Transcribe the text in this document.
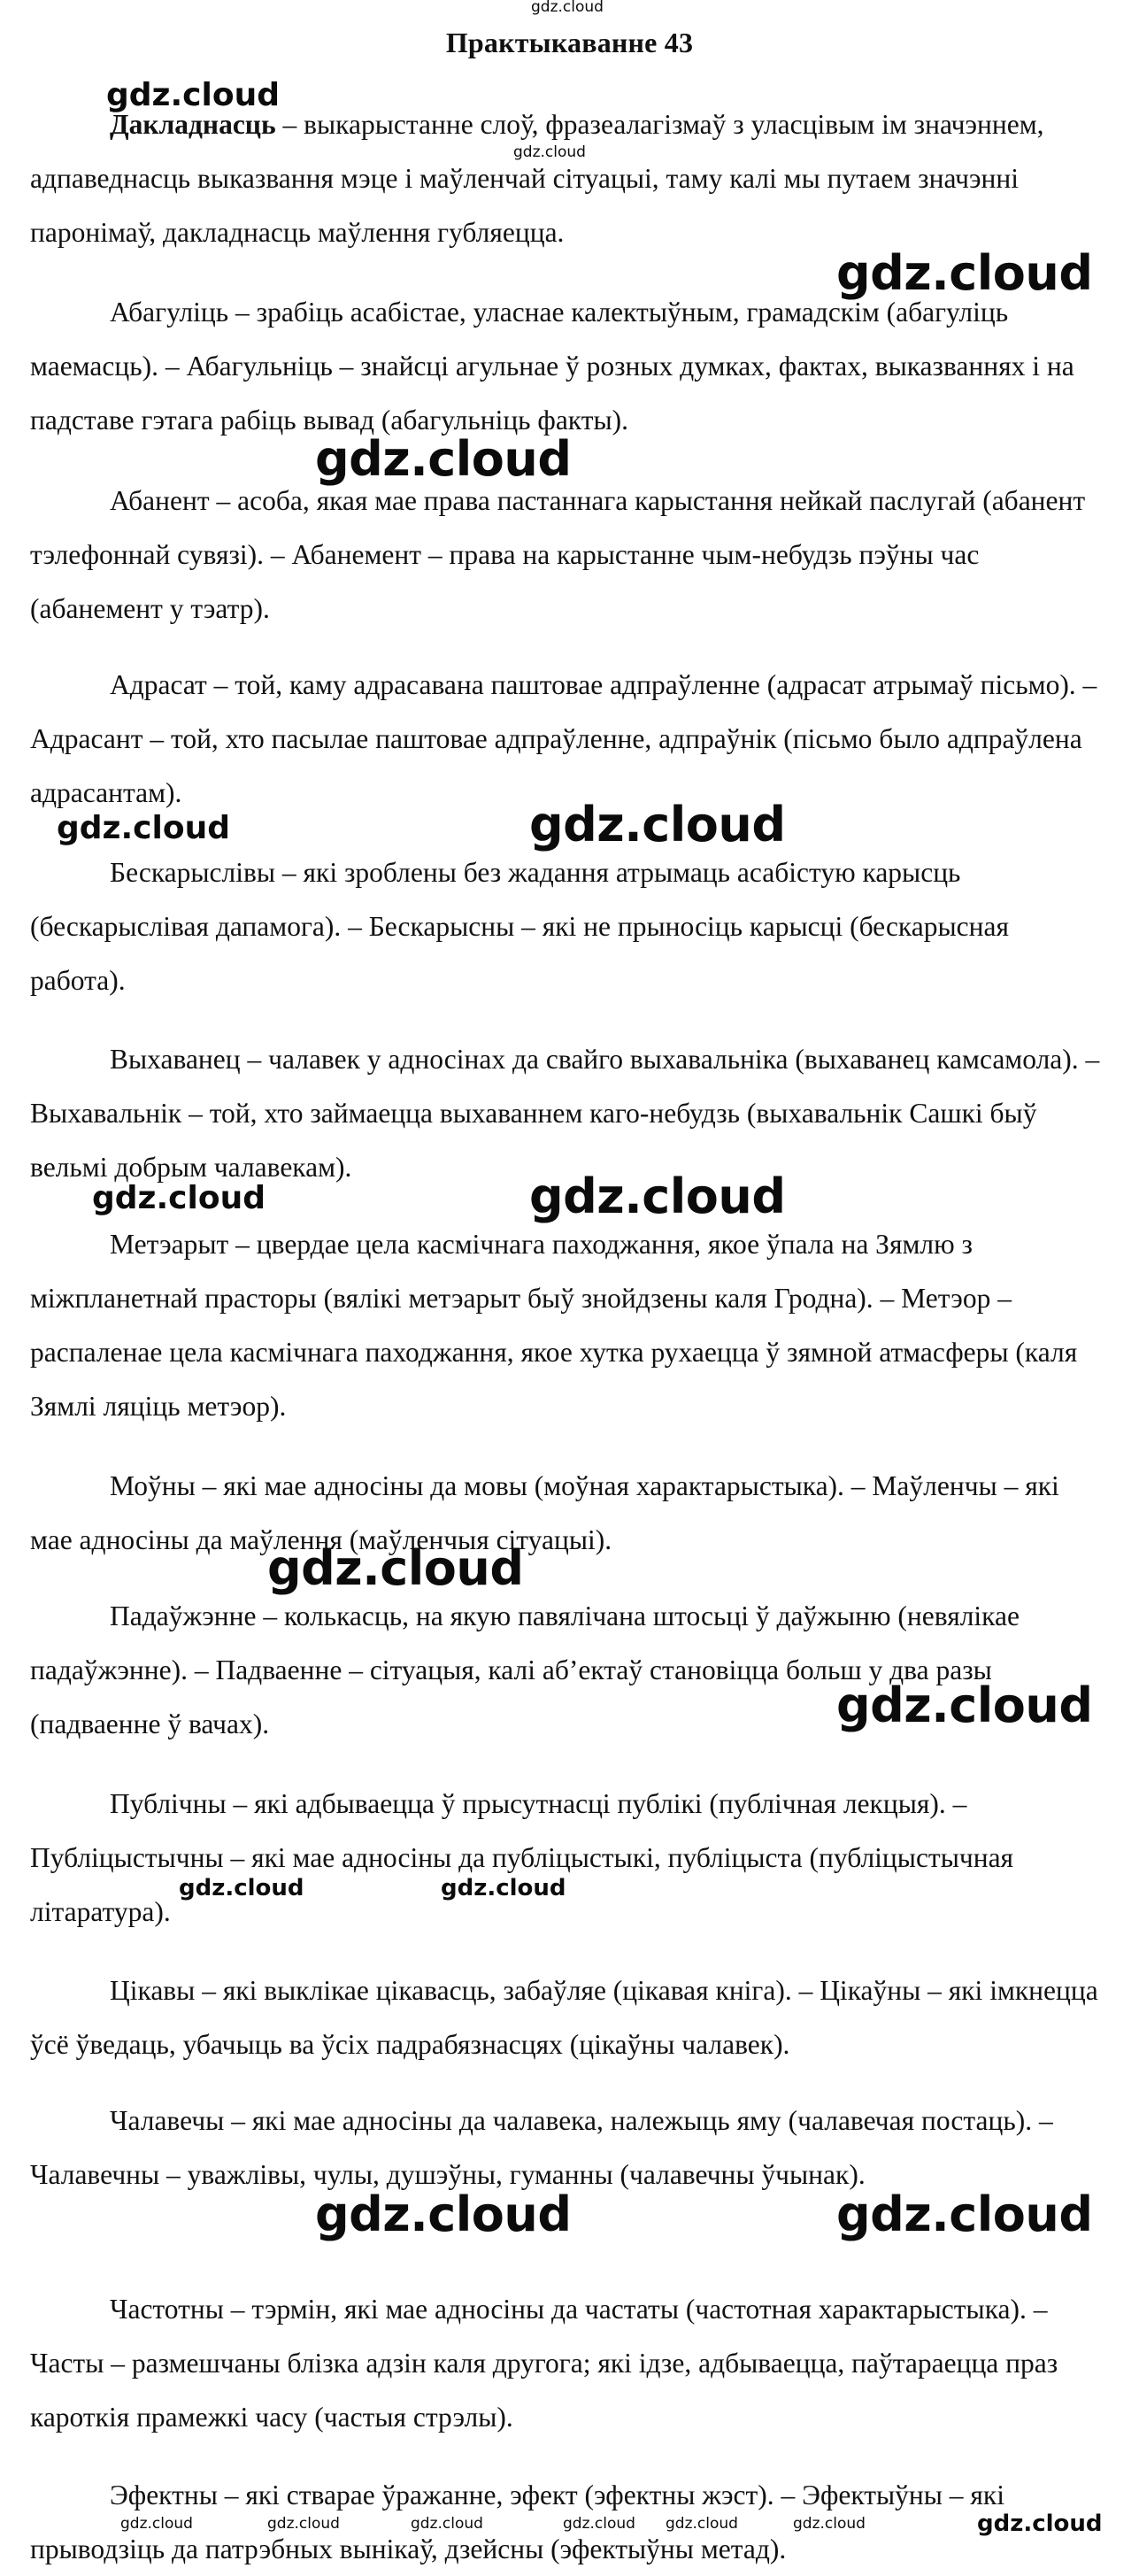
Практыкаванне 43

Дакладнасць – выкарыстанне слоў, фразеалагізмаў з уласцівым ім значэннем, адпаведнасць выказвання мэце і маўленчай сітуацыі, таму калі мы путаем значэнні паронімаў, дакладнасць маўлення губляецца.

Абагуліць – зрабіць асабістае, уласнае калектыўным, грамадскім (абагуліць маемасць). – Абагульніць – знайсці агульнае ў розных думках, фактах, выказваннях і на падставе гэтага рабіць вывад (абагульніць факты).

Абанент – асоба, якая мае права пастаннага карыстання нейкай паслугай (абанент тэлефоннай сувязі). – Абанемент – права на карыстанне чым-небудзь пэўны час (абанемент у тэатр).

Адрасат – той, каму адрасавана паштовае адпраўленне (адрасат атрымаў пісьмо). – Адрасант – той, хто пасылае паштовае адпраўленне, адпраўнік (пісьмо было адпраўлена адрасантам).

Бескарыслівы – які зроблены без жадання атрымаць асабістую карысць (бескарыслівая дапамога). – Бескарысны – які не прыносіць карысці (бескарысная работа).

Выхаванец – чалавек у адносінах да свайго выхавальніка (выхаванец камсамола). – Выхавальнік – той, хто займаецца выхаваннем каго-небудзь (выхавальнік Сашкі быў вельмі добрым чалавекам).

Метэарыт – цвердае цела касмічнага паходжання, якое ўпала на Зямлю з міжпланетнай прасторы (вялікі метэарыт быў знойдзены каля Гродна). – Метэор – распаленае цела касмічнага паходжання, якое хутка рухаецца ў зямной атмасферы (каля Зямлі ляціць метэор).

Моўны – які мае адносіны да мовы (моўная характарыстыка). – Маўленчы – які мае адносіны да маўлення (маўленчыя сітуацыі).

Падаўжэнне – колькасць, на якую павялічана штосьці ў даўжыню (невялікае падаўжэнне). – Падваенне – сітуацыя, калі аб’ектаў становіцца больш у два разы (падваенне ў вачах).

Публічны – які адбываецца ў прысутнасці публікі (публічная лекцыя). – Публіцыстычны – які мае адносіны да публіцыстыкі, публіцыста (публіцыстычная літаратура).

Цікавы – які выклікае цікавасць, забаўляе (цікавая кніга). – Цікаўны – які імкнецца ўсё ўведаць, убачыць ва ўсіх падрабязнасцях (цікаўны чалавек).

Чалавечы – які мае адносіны да чалавека, належыць яму (чалавечая постаць). – Чалавечны – уважлівы, чулы, душэўны, гуманны (чалавечны ўчынак).

Частотны – тэрмін, які мае адносіны да частаты (частотная характарыстыка). – Часты – размешчаны блізка адзін каля другога; які ідзе, адбываецца, паўтараецца праз кароткія прамежкі часу (частыя стрэлы).

Эфектны – які стварае ўражанне, эфект (эфектны жэст). – Эфектыўны – які прыводзіць да патрэбных вынікаў, дзейсны (эфектыўны метад).

gdz.cloud
gdz.cloud
gdz.cloud
gdz.cloud
gdz.cloud
gdz.cloud	gdz.cloud
gdz.cloud	gdz.cloud
gdz.cloud
gdz.cloud
gdz.cloud	gdz.cloud
gdz.cloud	gdz.cloud
gdz.cloud	gdz.cloud	gdz.cloud	gdz.cloud gdz.cloud	gdz.cloud	gdz.cloud
